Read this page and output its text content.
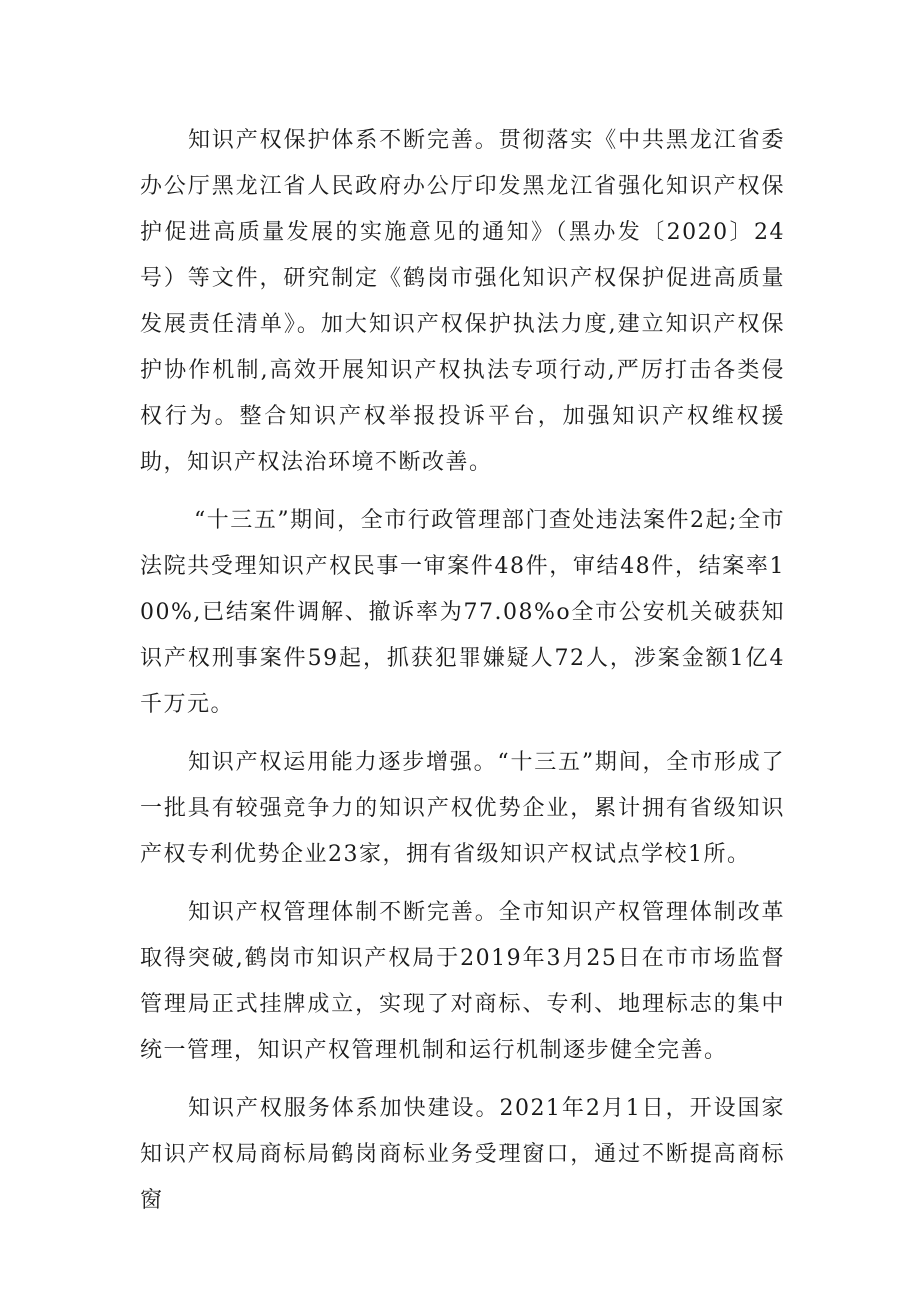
知识产权保护体系不断完善。贯彻落实《中共黑龙江省委办公厅黑龙江省人民政府办公厅印发黑龙江省强化知识产权保护促进高质量发展的实施意见的通知》（黑办发〔2020〕24号）等文件，研究制定《鹤岗市强化知识产权保护促进高质量发展责任清单》。加大知识产权保护执法力度,建立知识产权保护协作机制,高效开展知识产权执法专项行动,严厉打击各类侵权行为。整合知识产权举报投诉平台，加强知识产权维权援助，知识产权法治环境不断改善。

“十三五”期间，全市行政管理部门查处违法案件2起;全市法院共受理知识产权民事一审案件48件，审结48件，结案率100%,已结案件调解、撤诉率为77.08%o全市公安机关破获知识产权刑事案件59起，抓获犯罪嫌疑人72人，涉案金额1亿4千万元。

知识产权运用能力逐步增强。“十三五”期间，全市形成了一批具有较强竞争力的知识产权优势企业，累计拥有省级知识产权专利优势企业23家，拥有省级知识产权试点学校1所。

知识产权管理体制不断完善。全市知识产权管理体制改革取得突破,鹤岗市知识产权局于2019年3月25日在市市场监督管理局正式挂牌成立，实现了对商标、专利、地理标志的集中统一管理，知识产权管理机制和运行机制逐步健全完善。

知识产权服务体系加快建设。2021年2月1日，开设国家知识产权局商标局鹤岗商标业务受理窗口，通过不断提高商标窗
